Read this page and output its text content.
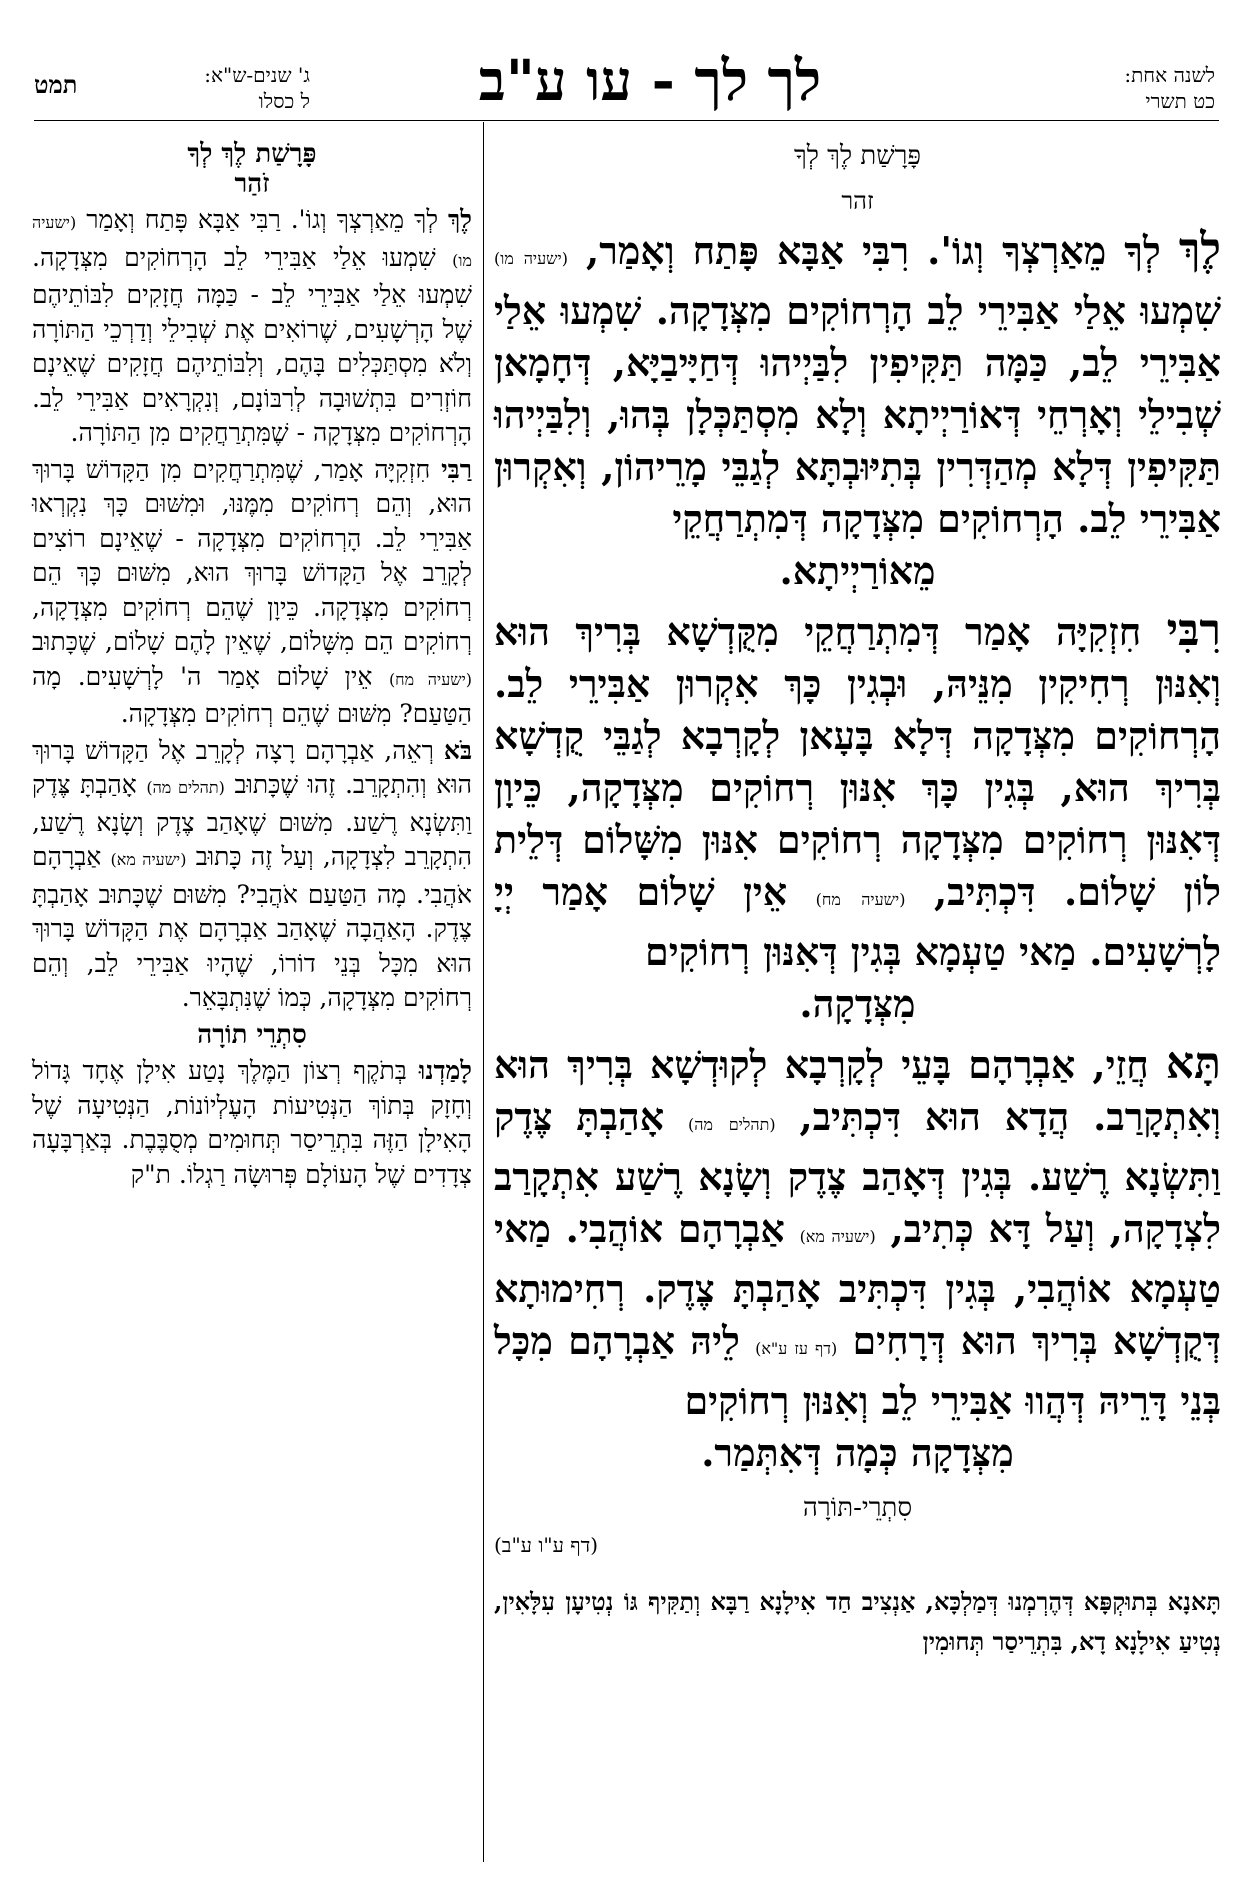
לשנה אחת:
כט תשרי
לך לך - עו ע"ב
ג' שנים-ש"א:
ל כסלו
תמט
פָּרָשַׁת לֶךְ לְךָ
זהר

לֶךְ לְךָ מֵאַרְצְךָ וְגוֹ'. רִבִּי אַבָּא פָּתַח וְאָמַר, (ישעיה מו) שִׁמְעוּ אֵלַי אַבִּירֵי לֵב הָרְחוֹקִים מִצְּדָקָה. שִׁמְעוּ אֵלַי אַבִּירֵי לֵב, כַּמָּה תַּקִּיפִין לִבַּיְיהוּ דְּחַיָּיבַיָּא, דְּחָמָאן שְׁבִילֵי וְאָרְחֵי דְּאוֹרַיְיתָא וְלָא מִסְתַּכְּלָן בְּהוּ, וְלִבַּיְיהוּ תַּקִּיפִין דְּלָא מְהַדְּרִין בְּתִיּוּבְתָּא לְגַבֵּי מָרֵיהוֹן, וְאִקְרוּן אַבִּירֵי לֵב. הָרְחוֹקִים מִצְּדָקָה דְּמִתְרַחֲקֵי
מֵאוֹרַיְיתָא.

רִבִּי חִזְקִיָּה אָמַר דְּמִתְרַחֲקֵי מִקֻּדְשָׁא בְּרִיךְ הוּא וְאִנּוּן רְחִיקִין מִנֵּיהּ, וּבְגִין כָּךְ אִקְרוּן אַבִּירֵי לֵב. הָרְחוֹקִים מִצְּדָקָה דְּלָא בָּעָאן לְקָרְבָא לְגַבֵּי קֻדְשָׁא בְּרִיךְ הוּא, בְּגִין כָּךְ אִנּוּן רְחוֹקִים מִצְּדָקָה, כֵּיוָן דְּאִנּוּן רְחוֹקִים מִצְּדָקָה רְחוֹקִים אִנּוּן מִשָּׁלוֹם דְּלֵית לוֹן שָׁלוֹם. דִּכְתִּיב, (ישעיה מח) אֵין שָׁלוֹם אָמַר יְיָ לָרְשָׁעִים. מַאי טַעְמָא בְּגִין דְּאִנּוּן רְחוֹקִים
מִצְּדָקָה.

תָּא חֲזֵי, אַבְרָהָם בָּעֵי לְקָרְבָא לְקוּדְשָׁא בְּרִיךְ הוּא וְאִתְקָרַב. הֲדָא הוּא דִּכְתִּיב, (תהלים מה) אָהַבְתָּ צֶּדֶק וַתִּשְׂנָא רֶשַׁע. בְּגִין דְּאָהַב צֶדֶק וְשָׂנָא רֶשַׁע אִתְקָרַב לִצְדָקָה, וְעַל דָּא כְּתִיב, (ישעיה מא) אַבְרָהָם אוֹהֲבִי. מַאי טַעְמָא אוֹהֲבִי, בְּגִין דִּכְתִּיב אָהַבְתָּ צֶדֶק. רְחִימוּתָא דְּקֻדְשָׁא בְּרִיךְ הוּא דְּרָחִים (דף עז ע"א) לֵיהּ אַבְרָהָם מִכָּל בְּנֵי דָּרֵיהּ דְּהֲווּ אַבִּירֵי לֵב וְאִנּוּן רְחוֹקִים
מִצְּדָקָה כְּמָה דְּאִתְּמַר.

סִתְרֵי-תּוֹרָה
(דף ע"ו ע"ב)

תָּאנָא בְּתוּקְפָּא דְּהֶרְמְנוּ דְּמַלְכָּא, אַנְצִיב חַד אִילָנָא רַבָּא וְתַקִּיף גּוֹ נְטִיעָן עִלָּאִין, נְטִיעַ אִילָנָא דָא, בִּתְרֵיסַר תְּחוּמִין

פָּרָשַׁת לֶךְ לְךָ
זֹהַר

לֶךְ לְךָ מֵאַרְצְךָ וְגוֹ'. רַבִּי אַבָּא פָּתַח וְאָמַר (ישעיה מו) שִׁמְעוּ אֵלַי אַבִּירֵי לֵב הָרְחוֹקִים מִצְּדָקָה. שִׁמְעוּ אֵלַי אַבִּירֵי לֵב - כַּמָּה חֲזָקִים לִבּוֹתֵיהֶם שֶׁל הָרְשָׁעִים, שֶׁרוֹאִים אֶת שְׁבִילֵי וְדַרְכֵי הַתּוֹרָה וְלֹא מִסְתַּכְּלִים בָּהֶם, וְלִבּוֹתֵיהֶם חֲזָקִים שֶׁאֵינָם חוֹזְרִים בִּתְשׁוּבָה לְרִבּוֹנָם, וְנִקְרָאִים אַבִּירֵי לֵב. הָרְחוֹקִים מִצְּדָקָה - שֶׁמִּתְרַחֲקִים מִן הַתּוֹרָה.

רַבִּי חִזְקִיָּה אָמַר, שֶׁמִּתְרַחֲקִים מִן הַקָּדוֹשׁ בָּרוּךְ הוּא, וְהֵם רְחוֹקִים מִמֶּנּוּ, וּמִשּׁוּם כָּךְ נִקְרְאוּ אַבִּירֵי לֵב. הָרְחוֹקִים מִצְּדָקָה - שֶׁאֵינָם רוֹצִים לְקָרֵב אֶל הַקָּדוֹשׁ בָּרוּךְ הוּא, מִשּׁוּם כָּךְ הֵם רְחוֹקִים מִצְּדָקָה. כֵּיוָן שֶׁהֵם רְחוֹקִים מִצְּדָקָה, רְחוֹקִים הֵם מִשָּׁלוֹם, שֶׁאֵין לָהֶם שָׁלוֹם, שֶׁכָּתוּב (ישעיה מח) אֵין שָׁלוֹם אָמַר ה' לָרְשָׁעִים. מָה הַטַּעַם? מִשּׁוּם שֶׁהֵם רְחוֹקִים מִצְּדָקָה.

בֹּא רְאֵה, אַבְרָהָם רָצָה לְקָרֵב אֶל הַקָּדוֹשׁ בָּרוּךְ הוּא וְהִתְקָרֵב. זֶהוּ שֶׁכָּתוּב (תהלים מה) אָהַבְתָּ צֶּדֶק וַתִּשְׂנָא רֶשַׁע. מִשּׁוּם שֶׁאָהַב צֶדֶק וְשָׂנָא רֶשַׁע, הִתְקָרֵב לִצְדָקָה, וְעַל זֶה כָּתוּב (ישעיה מא) אַבְרָהָם אֹהֲבִי. מָה הַטַּעַם אֹהֲבִי? מִשּׁוּם שֶׁכָּתוּב אָהַבְתָּ צֶדֶק. הָאַהֲבָה שֶׁאָהַב אַבְרָהָם אֶת הַקָּדוֹשׁ בָּרוּךְ הוּא מִכָּל בְּנֵי דוֹרוֹ, שֶׁהָיוּ אַבִּירֵי לֵב, וְהֵם רְחוֹקִים מִצְּדָקָה, כְּמוֹ שֶׁנִּתְבָּאֵר.

סִתְרֵי תוֹרָה

לָמַדְנוּ בְּתֹקֶף רְצוֹן הַמֶּלֶךְ נָטַע אִילָן אֶחָד גָּדוֹל וְחָזָק בְּתוֹךְ הַנְּטִיעוֹת הָעֶלְיוֹנוֹת, הַנְּטִיעָה שֶׁל הָאִילָן הַזֶּה בִּתְרֵיסַר תְּחוּמִים מְסֻבֶּבֶת. בְּאַרְבָּעָה צְדָדִים שֶׁל הָעוֹלָם פְּרוּשָׂה רַגְלוֹ. ת"ק
